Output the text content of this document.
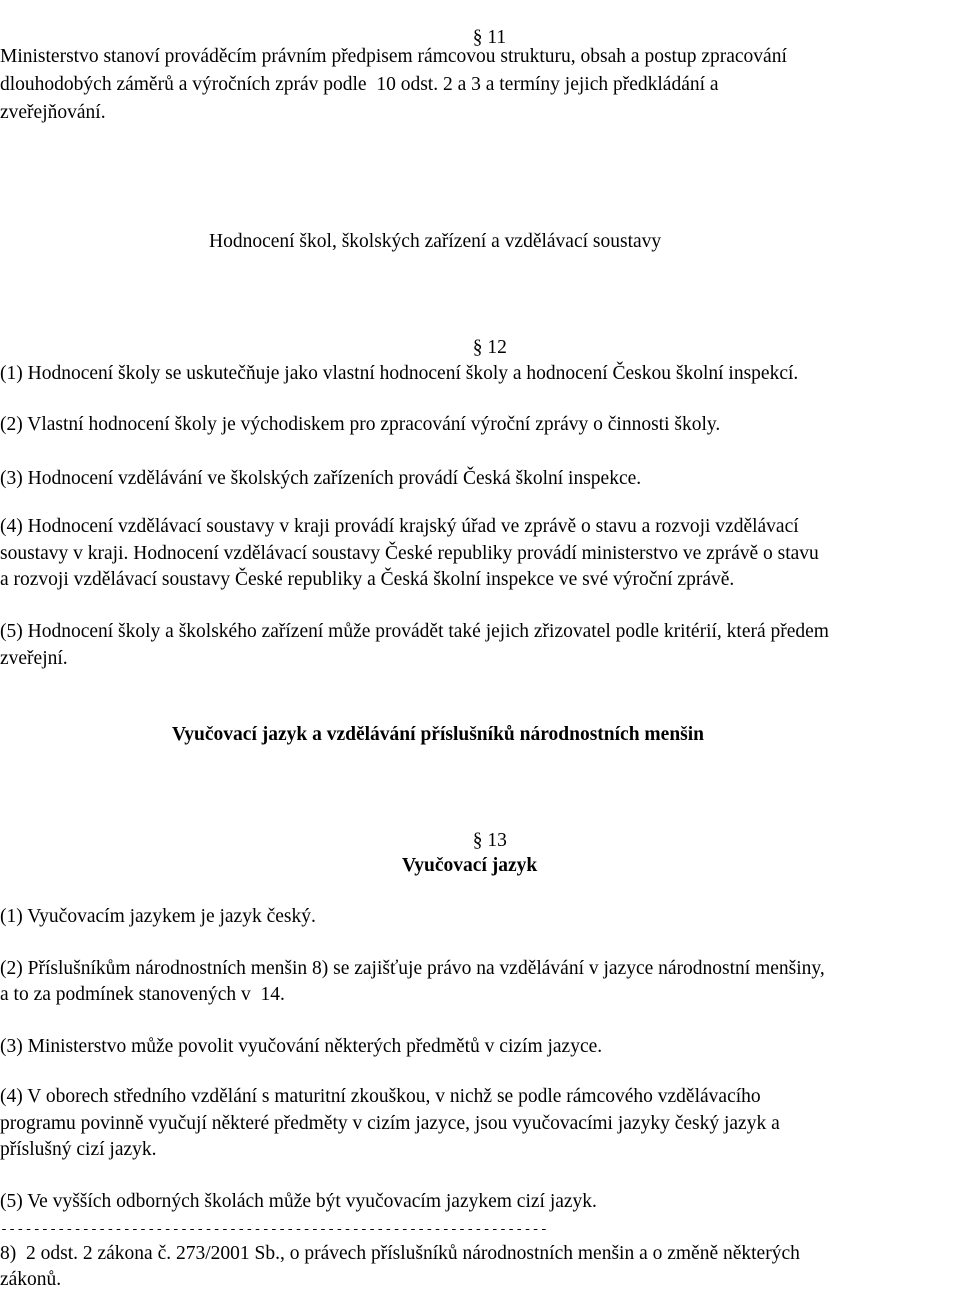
§ 11

Ministerstvo stanoví prováděcím právním předpisem rámcovou strukturu, obsah a postup zpracování
dlouhodobých záměrů a výročních zpráv podle  10 odst. 2 a 3 a termíny jejich předkládání a
zveřejňování.
Hodnocení škol, školských zařízení a vzdělávací soustavy

§ 12

(1) Hodnocení školy se uskutečňuje jako vlastní hodnocení školy a hodnocení Českou školní inspekcí.
(2) Vlastní hodnocení školy je východiskem pro zpracování výroční zprávy o činnosti školy.
(3) Hodnocení vzdělávání ve školských zařízeních provádí Česká školní inspekce.
(4) Hodnocení vzdělávací soustavy v kraji provádí krajský úřad ve zprávě o stavu a rozvoji vzdělávací
soustavy v kraji. Hodnocení vzdělávací soustavy České republiky provádí ministerstvo ve zprávě o stavu
a rozvoji vzdělávací soustavy České republiky a Česká školní inspekce ve své výroční zprávě.
(5) Hodnocení školy a školského zařízení může provádět také jejich zřizovatel podle kritérií, která předem
zveřejní.
Vyučovací jazyk a vzdělávání příslušníků národnostních menšin

§ 13

Vyučovací jazyk
(1) Vyučovacím jazykem je jazyk český.
(2) Příslušníkům národnostních menšin 8) se zajišťuje právo na vzdělávání v jazyce národnostní menšiny,
a to za podmínek stanovených v  14.
(3) Ministerstvo může povolit vyučování některých předmětů v cizím jazyce.
(4) V oborech středního vzdělání s maturitní zkouškou, v nichž se podle rámcového vzdělávacího
programu povinně vyučují některé předměty v cizím jazyce, jsou vyučovacími jazyky český jazyk a
příslušný cizí jazyk.
(5) Ve vyšších odborných školách může být vyučovacím jazykem cizí jazyk.
-------------------------------------------------------------------
8)  2 odst. 2 zákona č. 273/2001 Sb., o právech příslušníků národnostních menšin a o změně některých
zákonů.
